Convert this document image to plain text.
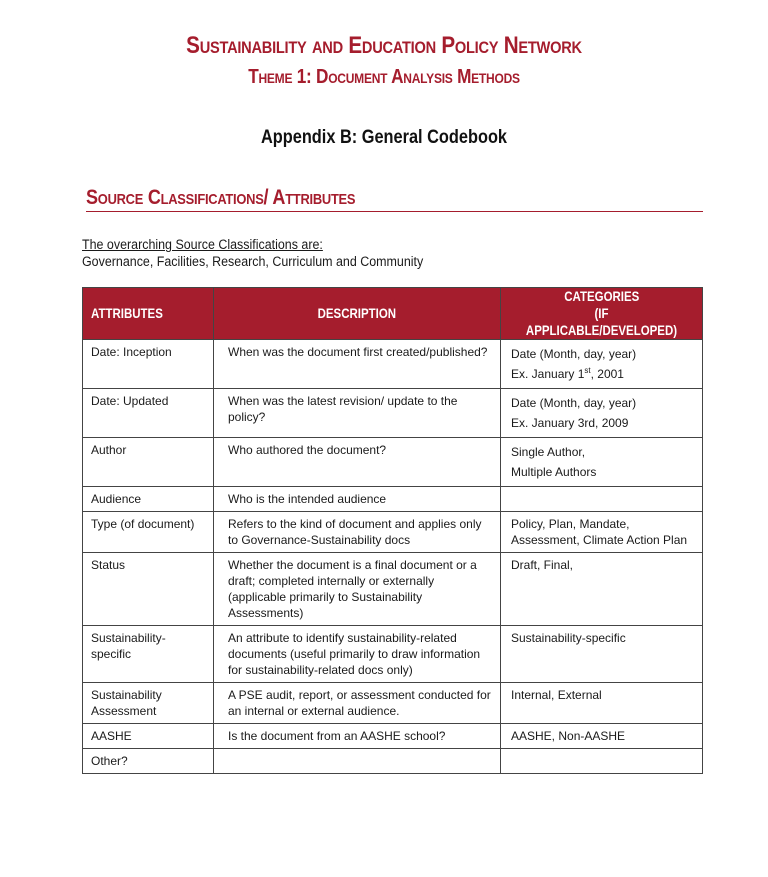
Sustainability and Education Policy Network
Theme 1: Document Analysis Methods
Appendix B: General Codebook
Source Classifications/ Attributes
The overarching Source Classifications are:
Governance, Facilities, Research, Curriculum and Community
ATTRIBUTES	DESCRIPTION	CATEGORIES
(IF APPLICABLE/DEVELOPED)
Date: Inception	When was the document first created/published?	Date (Month, day, year)
Ex. January 1st, 2001

Date: Updated	When was the latest revision/ update to the policy?	Date (Month, day, year)
Ex. January 3rd, 2009

Author	Who authored the document?	Single Author,
Multiple Authors

Audience	Who is the intended audience	
Type (of document)	Refers to the kind of document and applies only to Governance-Sustainability docs	Policy, Plan, Mandate, Assessment, Climate Action Plan
Status	Whether the document is a final document or a draft; completed internally or externally (applicable primarily to Sustainability Assessments)	Draft, Final,
Sustainability-specific	An attribute to identify sustainability-related documents (useful primarily to draw information for sustainability-related docs only)	Sustainability-specific
Sustainability Assessment	A PSE audit, report, or assessment conducted for an internal or external audience.	Internal, External
AASHE	Is the document from an AASHE school?	AASHE, Non-AASHE
Other?		
